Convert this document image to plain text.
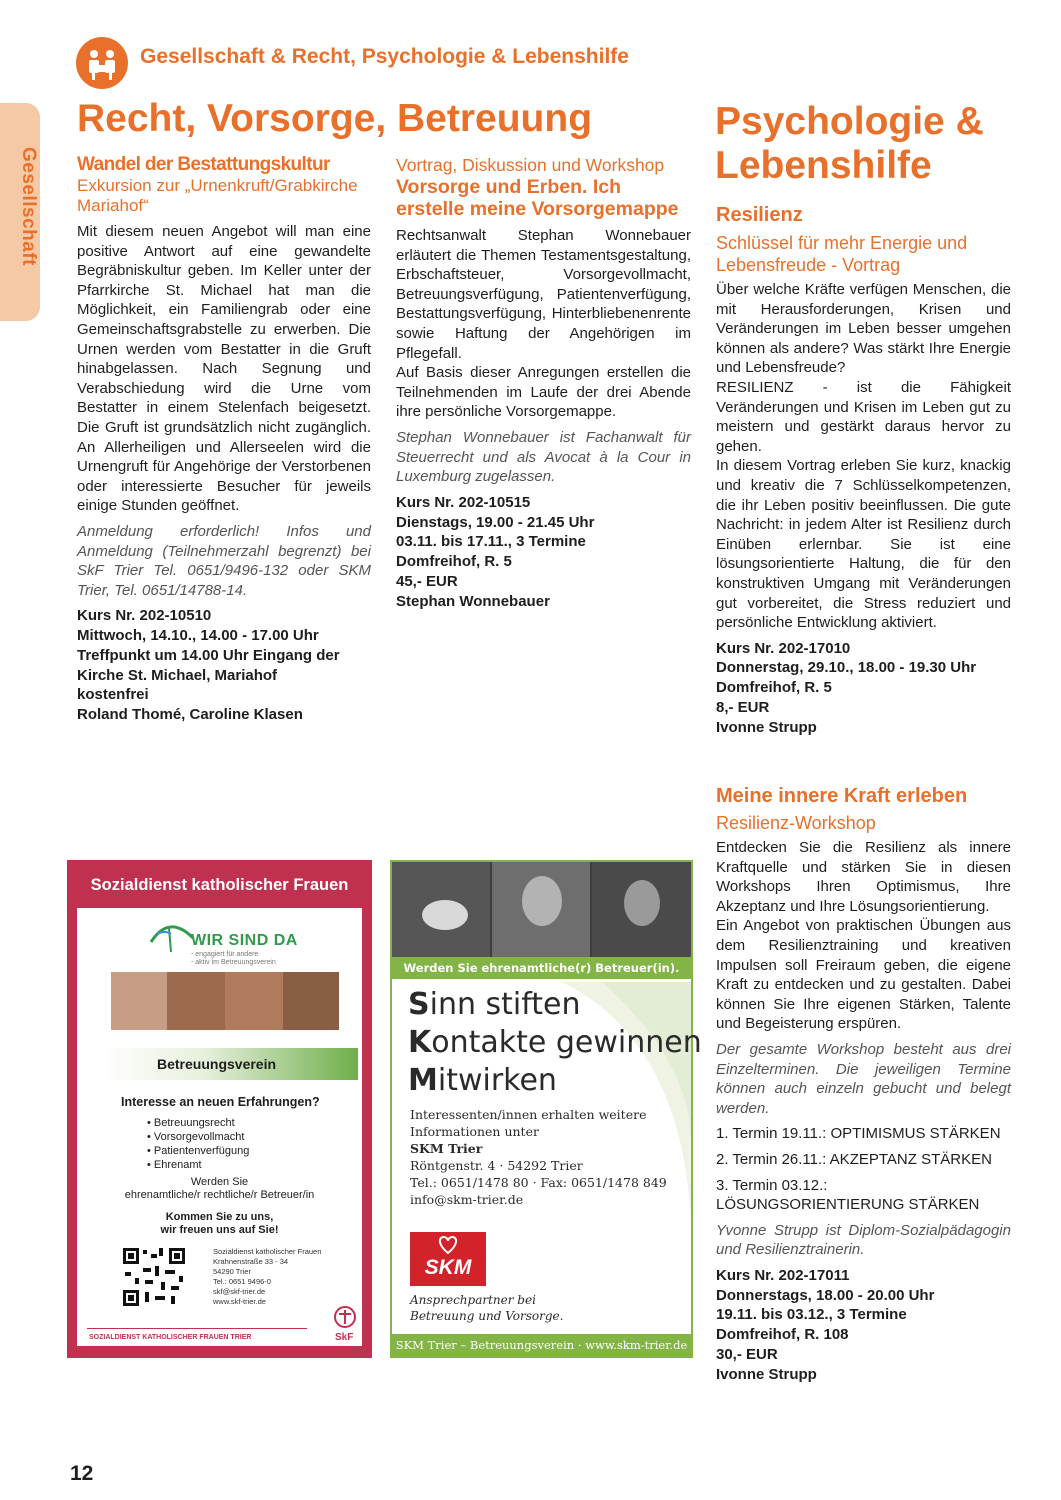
Gesellschaft
Gesellschaft & Recht, Psychologie & Lebenshilfe
Recht, Vorsorge, Betreuung	Psychologie & Lebenshilfe
Wandel der Bestattungskultur
Exkursion zur „Urnenkruft/Grabkirche Mariahof“

Mit diesem neuen Angebot will man eine positive Antwort auf eine gewandelte Begräbniskultur geben. Im Keller unter der Pfarrkirche St. Michael hat man die Möglichkeit, ein Familiengrab oder eine Gemeinschaftsgrabstelle zu erwerben. Die Urnen werden vom Bestatter in die Gruft hinabgelassen. Nach Segnung und Verabschiedung wird die Urne vom Bestatter in einem Stelenfach beigesetzt. Die Gruft ist grundsätzlich nicht zugänglich. An Allerheiligen und Allerseelen wird die Urnengruft für Angehörige der Verstorbenen oder interessierte Besucher für jeweils einige Stunden geöffnet.

Anmeldung erforderlich! Infos und Anmeldung (Teilnehmerzahl begrenzt) bei SkF Trier Tel. 0651/9496-132 oder SKM Trier, Tel. 0651/14788-14.

Kurs Nr. 202-10510
Mittwoch, 14.10., 14.00 - 17.00 Uhr
Treffpunkt um 14.00 Uhr Eingang der Kirche St. Michael, Mariahof
kostenfrei
Roland Thomé, Caroline Klasen
Vortrag, Diskussion und Workshop
Vorsorge und Erben. Ich erstelle meine Vorsorgemappe

Rechtsanwalt Stephan Wonnebauer erläutert die Themen Testamentsgestaltung, Erbschaftsteuer, Vorsorgevollmacht, Betreuungsverfügung, Patientenverfügung, Bestattungsverfügung, Hinterbliebenenrente sowie Haftung der Angehörigen im Pflegefall.

Auf Basis dieser Anregungen erstellen die Teilnehmenden im Laufe der drei Abende ihre persönliche Vorsorgemappe.

Stephan Wonnebauer ist Fachanwalt für Steuerrecht und als Avocat à la Cour in Luxemburg zugelassen.

Kurs Nr. 202-10515
Dienstags, 19.00 - 21.45 Uhr
03.11. bis 17.11., 3 Termine
Domfreihof, R. 5
45,- EUR
Stephan Wonnebauer
Resilienz
Schlüssel für mehr Energie und Lebensfreude - Vortrag

Über welche Kräfte verfügen Menschen, die mit Herausforderungen, Krisen und Veränderungen im Leben besser umgehen können als andere? Was stärkt Ihre Energie und Lebensfreude?

RESILIENZ - ist die Fähigkeit Veränderungen und Krisen im Leben gut zu meistern und gestärkt daraus hervor zu gehen.

In diesem Vortrag erleben Sie kurz, knackig und kreativ die 7 Schlüsselkompetenzen, die ihr Leben positiv beeinflussen. Die gute Nachricht: in jedem Alter ist Resilienz durch Einüben erlernbar. Sie ist eine lösungsorientierte Haltung, die für den konstruktiven Umgang mit Veränderungen gut vorbereitet, die Stress reduziert und persönliche Entwicklung aktiviert.

Kurs Nr. 202-17010
Donnerstag, 29.10., 18.00 - 19.30 Uhr
Domfreihof, R. 5
8,- EUR
Ivonne Strupp
Meine innere Kraft erleben
Resilienz-Workshop

Entdecken Sie die Resilienz als innere Kraftquelle und stärken Sie in diesen Workshops Ihren Optimismus, Ihre Akzeptanz und Ihre Lösungsorientierung.

Ein Angebot von praktischen Übungen aus dem Resilienztraining und kreativen Impulsen soll Freiraum geben, die eigene Kraft zu entdecken und zu gestalten. Dabei können Sie Ihre eigenen Stärken, Talente und Begeisterung erspüren.

Der gesamte Workshop besteht aus drei Einzelterminen. Die jeweiligen Termine können auch einzeln gebucht und belegt werden.

1. Termin 19.11.: OPTIMISMUS STÄRKEN

2. Termin 26.11.: AKZEPTANZ STÄRKEN

3. Termin 03.12.: LÖSUNGSORIENTIERUNG STÄRKEN

Yvonne Strupp ist Diplom-Sozialpädagogin und Resilienztrainerin.

Kurs Nr. 202-17011
Donnerstags, 18.00 - 20.00 Uhr
19.11. bis 03.12., 3 Termine
Domfreihof, R. 108
30,- EUR
Ivonne Strupp
Sozialdienst katholischer Frauen
WIR SIND DA
- engagiert für andere
- aktiv im Betreuungsverein
Betreuungsverein
Interesse an neuen Erfahrungen?
• Betreuungsrecht
• Vorsorgevollmacht
• Patientenverfügung
• Ehrenamt
Werden Sie
ehrenamtliche/r rechtliche/r Betreuer/in
Kommen Sie zu uns,
wir freuen uns auf Sie!
Sozialdienst katholischer Frauen
Krahnenstraße 33 - 34
54290 Trier
Tel.: 0651 9496-0
skf@skf-trier.de
www.skf-trier.de
SOZIALDIENST KATHOLISCHER FRAUEN TRIER	SkF
Werden Sie ehrenamtliche(r) Betreuer(in).
Sinn stiften
Kontakte gewinnen
Mitwirken
Interessenten/innen erhalten weitere
Informationen unter
SKM Trier
Röntgenstr. 4 · 54292 Trier
Tel.: 0651/1478 80 · Fax: 0651/1478 849
info@skm-trier.de
SKM
Ansprechpartner bei
Betreuung und Vorsorge.
SKM Trier – Betreuungsverein · www.skm-trier.de
12
